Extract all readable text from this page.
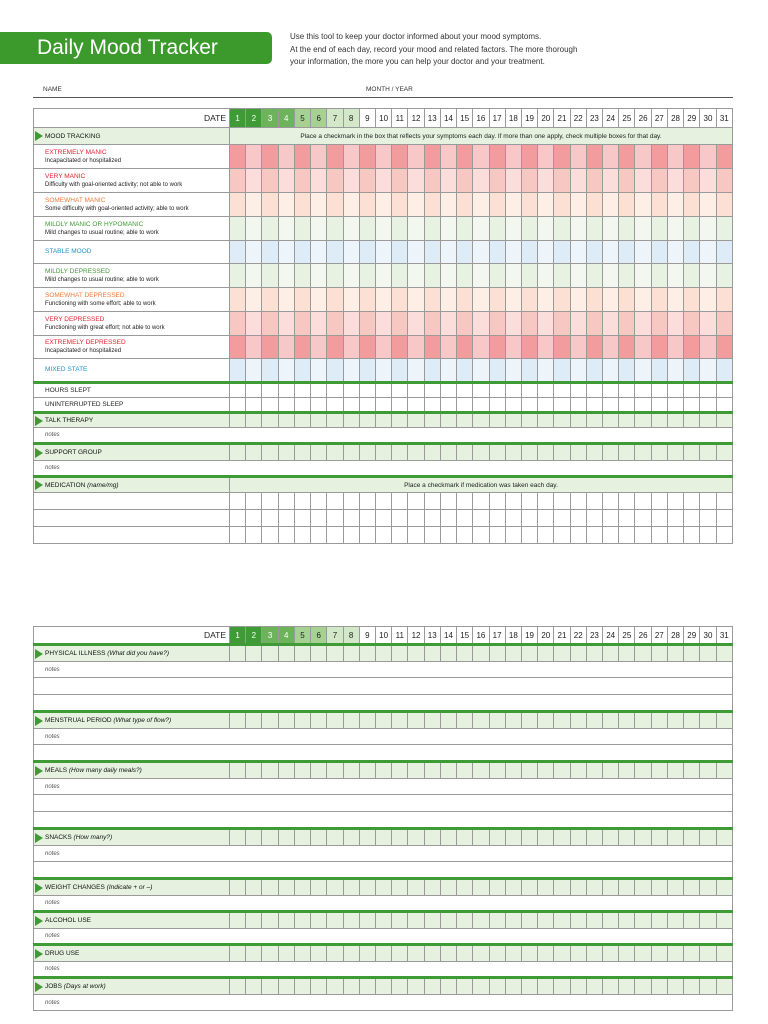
Daily Mood Tracker	Use this tool to keep your doctor informed about your mood symptoms.
At the end of each day, record your mood and related factors. The more thorough
your information, the more you can help your doctor and your treatment.
NAME	MONTH / YEAR
DATE	1	2	3	4	5	6	7	8	9	10	11	12	13	14	15	16	17	18	19	20	21	22	23	24	25	26	27	28	29	30	31
MOOD TRACKING	Place a checkmark in the box that reflects your symptoms each day. If more than one apply, check multiple boxes for that day.																														

EXTREMELY MANIC
Incapacitated or hospitalized																															

VERY MANIC
Difficulty with goal-oriented activity; not able to work																															

SOMEWHAT MANIC
Some difficulty with goal-oriented activity; able to work																															

MILDLY MANIC OR HYPOMANIC
Mild changes to usual routine; able to work																															

STABLE MOOD																															

MILDLY DEPRESSED
Mild changes to usual routine; able to work																															

SOMEWHAT DEPRESSED
Functioning with some effort; able to work																															

VERY DEPRESSED
Functioning with great effort; not able to work																															

EXTREMELY DEPRESSED
Incapacitated or hospitalized																															

MIXED STATE																															

HOURS SLEPT																															
UNINTERRUPTED SLEEP																															
TALK THERAPY																															
notes																															
SUPPORT GROUP																															
notes																															
MEDICATION (name/mg)	Place a checkmark if medication was taken each day.																														

DATE	1	2	3	4	5	6	7	8	9	10	11	12	13	14	15	16	17	18	19	20	21	22	23	24	25	26	27	28	29	30	31
PHYSICAL ILLNESS (What did you have?)																															
notes																															

MENSTRUAL PERIOD (What type of flow?)																															
notes																															

MEALS (How many daily meals?)																															
notes																															

SNACKS (How many?)																															
notes																															

WEIGHT CHANGES (Indicate + or –)																															
notes																															
ALCOHOL USE																															
notes																															
DRUG USE																															
notes																															
JOBS (Days at work)																															
notes																															
